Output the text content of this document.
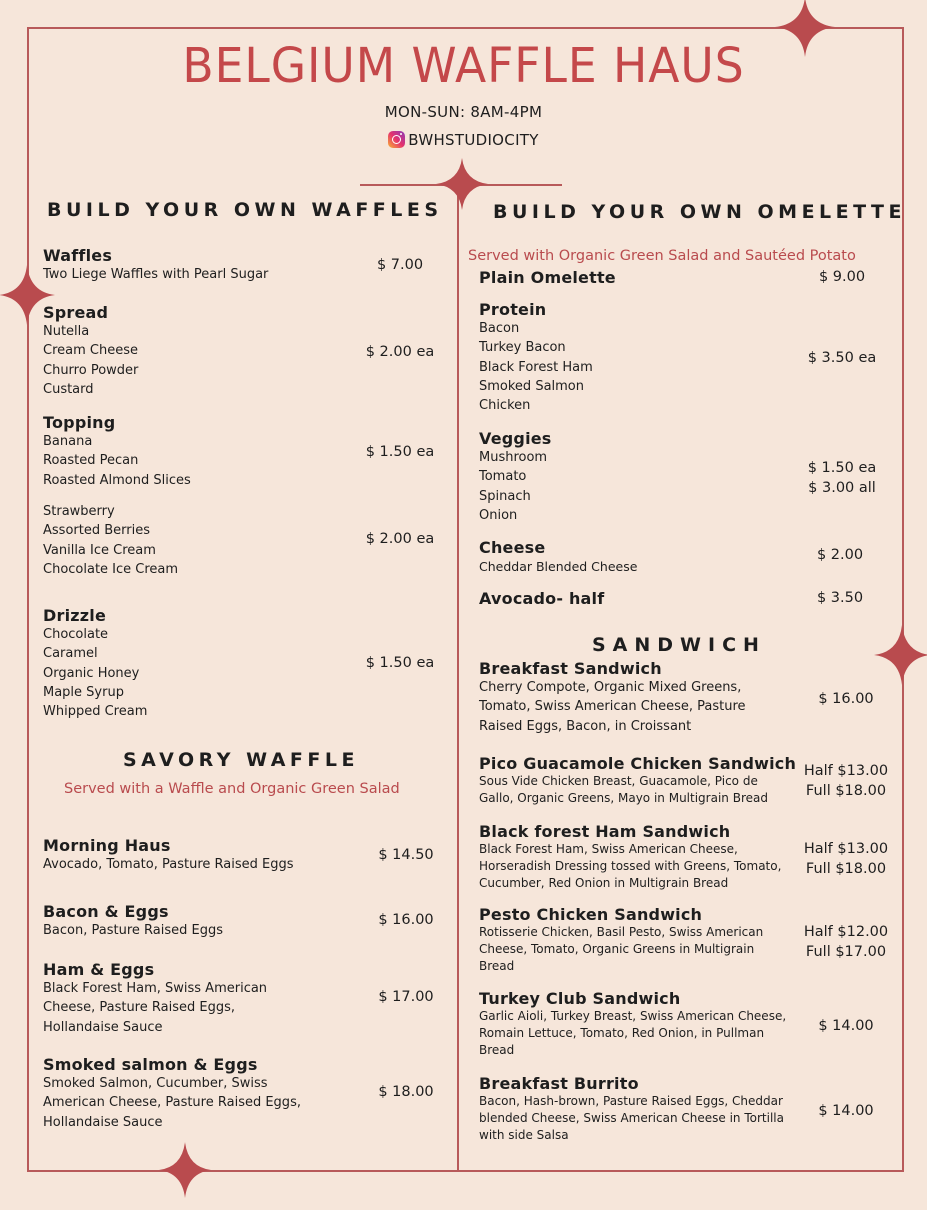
BELGIUM WAFFLE HAUS
MON-SUN: 8AM-4PM
BWHSTUDIOCITY
BUILD YOUR OWN WAFFLES
Waffles
Two Liege Waffles with Pearl Sugar
$ 7.00
Spread
Nutella
Cream Cheese
Churro Powder
Custard
$ 2.00 ea
Topping
Banana
Roasted Pecan
Roasted Almond Slices
$ 1.50 ea
Strawberry
Assorted Berries
Vanilla Ice Cream
Chocolate Ice Cream
$ 2.00 ea
Drizzle
Chocolate
Caramel
Organic Honey
Maple Syrup
Whipped Cream
$ 1.50 ea
SAVORY WAFFLE
Served with a Waffle and Organic Green Salad
Morning Haus
Avocado, Tomato, Pasture Raised Eggs
$ 14.50
Bacon & Eggs
Bacon, Pasture Raised Eggs
$ 16.00
Ham & Eggs
Black Forest Ham, Swiss American
Cheese, Pasture Raised Eggs,
Hollandaise Sauce
$ 17.00
Smoked salmon & Eggs
Smoked Salmon, Cucumber, Swiss
American Cheese, Pasture Raised Eggs,
Hollandaise Sauce
$ 18.00
BUILD YOUR OWN OMELETTE
Served with Organic Green Salad and Sautéed Potato
Plain Omelette	$ 9.00
Protein
Bacon
Turkey Bacon
Black Forest Ham
Smoked Salmon
Chicken
$ 3.50 ea
Veggies
Mushroom
Tomato
Spinach
Onion
$ 1.50 ea
$ 3.00 all
Cheese
Cheddar Blended Cheese
$ 2.00
Avocado- half	$ 3.50
SANDWICH
Breakfast Sandwich
Cherry Compote, Organic Mixed Greens,
Tomato, Swiss American Cheese, Pasture
Raised Eggs, Bacon, in Croissant
$ 16.00
Pico Guacamole Chicken Sandwich
Sous Vide Chicken Breast, Guacamole, Pico de
Gallo, Organic Greens, Mayo in Multigrain Bread
Half $13.00
Full $18.00
Black forest Ham Sandwich
Black Forest Ham, Swiss American Cheese,
Horseradish Dressing tossed with Greens, Tomato,
Cucumber, Red Onion in Multigrain Bread
Half $13.00
Full $18.00
Pesto Chicken Sandwich
Rotisserie Chicken, Basil Pesto, Swiss American
Cheese, Tomato, Organic Greens in Multigrain
Bread
Half $12.00
Full $17.00
Turkey Club Sandwich
Garlic Aioli, Turkey Breast, Swiss American Cheese,
Romain Lettuce, Tomato, Red Onion, in Pullman
Bread
$ 14.00
Breakfast Burrito
Bacon, Hash-brown, Pasture Raised Eggs, Cheddar
blended Cheese, Swiss American Cheese in Tortilla
with side Salsa
$ 14.00
